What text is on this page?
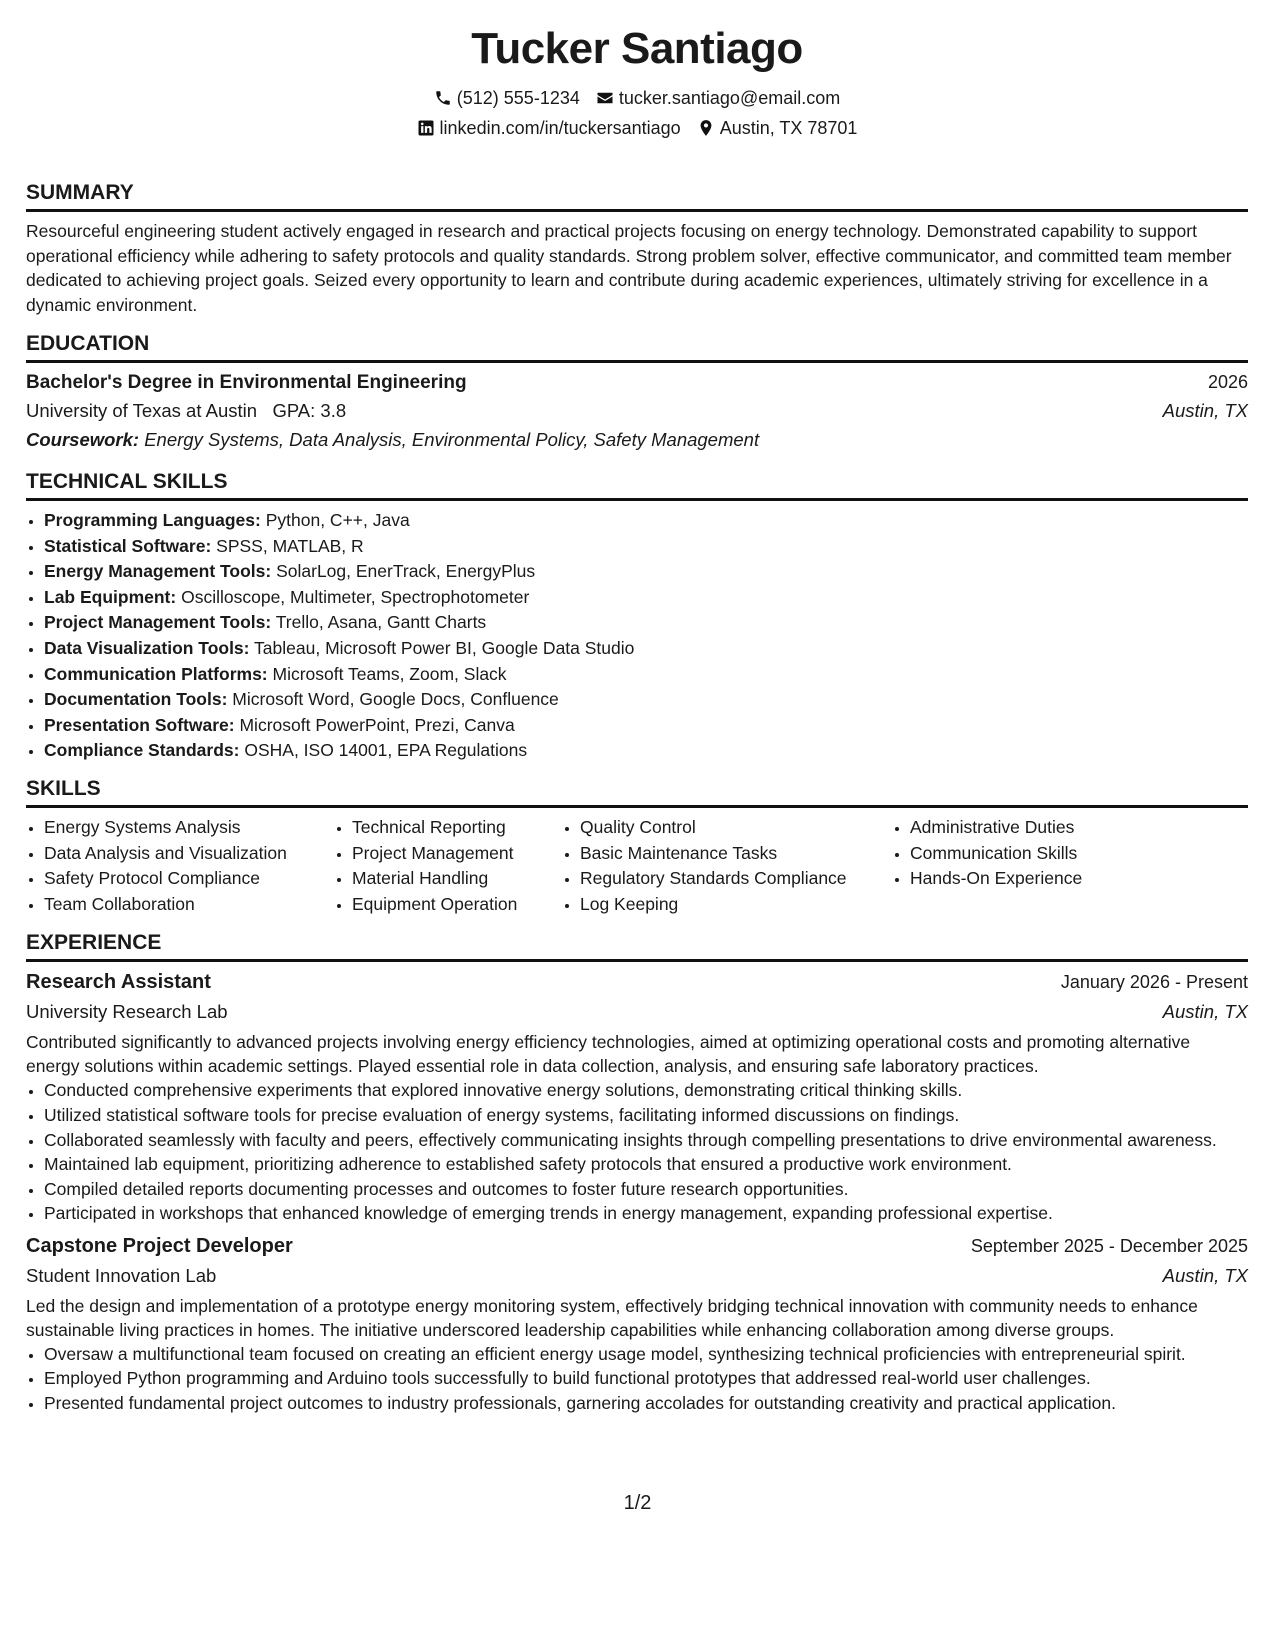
Tucker Santiago
(512) 555-1234 tucker.santiago@email.com
linkedin.com/in/tuckersantiago Austin, TX 78701
SUMMARY
Resourceful engineering student actively engaged in research and practical projects focusing on energy technology. Demonstrated capability to support operational efficiency while adhering to safety protocols and quality standards. Strong problem solver, effective communicator, and committed team member dedicated to achieving project goals. Seized every opportunity to learn and contribute during academic experiences, ultimately striving for excellence in a dynamic environment.
EDUCATION
Bachelor's Degree in Environmental Engineering	2026
University of Texas at Austin GPA: 3.8	Austin, TX
Coursework: Energy Systems, Data Analysis, Environmental Policy, Safety Management
TECHNICAL SKILLS
• Programming Languages: Python, C++, Java
• Statistical Software: SPSS, MATLAB, R
• Energy Management Tools: SolarLog, EnerTrack, EnergyPlus
• Lab Equipment: Oscilloscope, Multimeter, Spectrophotometer
• Project Management Tools: Trello, Asana, Gantt Charts
• Data Visualization Tools: Tableau, Microsoft Power BI, Google Data Studio
• Communication Platforms: Microsoft Teams, Zoom, Slack
• Documentation Tools: Microsoft Word, Google Docs, Confluence
• Presentation Software: Microsoft PowerPoint, Prezi, Canva
• Compliance Standards: OSHA, ISO 14001, EPA Regulations
SKILLS
• Energy Systems Analysis
• Data Analysis and Visualization
• Safety Protocol Compliance
• Team Collaboration
• Technical Reporting
• Project Management
• Material Handling
• Equipment Operation
• Quality Control
• Basic Maintenance Tasks
• Regulatory Standards Compliance
• Log Keeping
• Administrative Duties
• Communication Skills
• Hands-On Experience
EXPERIENCE
Research Assistant	January 2026 - Present
University Research Lab	Austin, TX
Contributed significantly to advanced projects involving energy efficiency technologies, aimed at optimizing operational costs and promoting alternative energy solutions within academic settings. Played essential role in data collection, analysis, and ensuring safe laboratory practices.
• Conducted comprehensive experiments that explored innovative energy solutions, demonstrating critical thinking skills.
• Utilized statistical software tools for precise evaluation of energy systems, facilitating informed discussions on findings.
• Collaborated seamlessly with faculty and peers, effectively communicating insights through compelling presentations to drive environmental awareness.
• Maintained lab equipment, prioritizing adherence to established safety protocols that ensured a productive work environment.
• Compiled detailed reports documenting processes and outcomes to foster future research opportunities.
• Participated in workshops that enhanced knowledge of emerging trends in energy management, expanding professional expertise.
Capstone Project Developer	September 2025 - December 2025
Student Innovation Lab	Austin, TX
Led the design and implementation of a prototype energy monitoring system, effectively bridging technical innovation with community needs to enhance sustainable living practices in homes. The initiative underscored leadership capabilities while enhancing collaboration among diverse groups.
• Oversaw a multifunctional team focused on creating an efficient energy usage model, synthesizing technical proficiencies with entrepreneurial spirit.
• Employed Python programming and Arduino tools successfully to build functional prototypes that addressed real-world user challenges.
• Presented fundamental project outcomes to industry professionals, garnering accolades for outstanding creativity and practical application.
1/2
